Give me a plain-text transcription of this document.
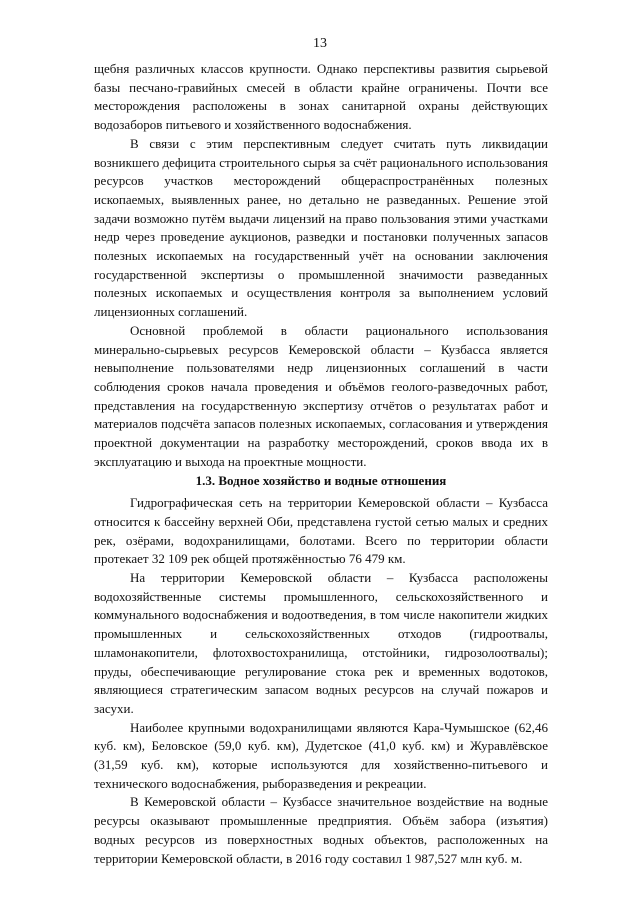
13

щебня различных классов крупности. Однако перспективы развития сырьевой базы песчано-гравийных смесей в области крайне ограничены. Почти все месторождения расположены в зонах санитарной охраны действующих водозаборов питьевого и хозяйственного водоснабжения.

В связи с этим перспективным следует считать путь ликвидации возникшего дефицита строительного сырья за счёт рационального использования ресурсов участков месторождений общераспространённых полезных ископаемых, выявленных ранее, но детально не разведанных. Решение этой задачи возможно путём выдачи лицензий на право пользования этими участками недр через проведение аукционов, разведки и постановки полученных запасов полезных ископаемых на государственный учёт на основании заключения государственной экспертизы о промышленной значимости разведанных полезных ископаемых и осуществления контроля за выполнением условий лицензионных соглашений.

Основной проблемой в области рационального использования минерально-сырьевых ресурсов Кемеровской области – Кузбасса является невыполнение пользователями недр лицензионных соглашений в части соблюдения сроков начала проведения и объёмов геолого-разведочных работ, представления на государственную экспертизу отчётов о результатах работ и материалов подсчёта запасов полезных ископаемых, согласования и утверждения проектной документации на разработку месторождений, сроков ввода их в эксплуатацию и выхода на проектные мощности.

1.3. Водное хозяйство и водные отношения

Гидрографическая сеть на территории Кемеровской области – Кузбасса относится к бассейну верхней Оби, представлена густой сетью малых и средних рек, озёрами, водохранилищами, болотами. Всего по территории области протекает 32 109 рек общей протяжённостью 76 479 км.

На территории Кемеровской области – Кузбасса расположены водохозяйственные системы промышленного, сельскохозяйственного и коммунального водоснабжения и водоотведения, в том числе накопители жидких промышленных и сельскохозяйственных отходов (гидроотвалы, шламонакопители, флотохвостохранилища, отстойники, гидрозолоотвалы); пруды, обеспечивающие регулирование стока рек и временных водотоков, являющиеся стратегическим запасом водных ресурсов на случай пожаров и засухи.

Наиболее крупными водохранилищами являются Кара-Чумышское (62,46 куб. км), Беловское (59,0 куб. км), Дудетское (41,0 куб. км) и Журавлёвское (31,59 куб. км), которые используются для хозяйственно-питьевого и технического водоснабжения, рыборазведения и рекреации.

В Кемеровской области – Кузбассе значительное воздействие на водные ресурсы оказывают промышленные предприятия. Объём забора (изъятия) водных ресурсов из поверхностных водных объектов, расположенных на территории Кемеровской области, в 2016 году составил 1 987,527 млн куб. м.
